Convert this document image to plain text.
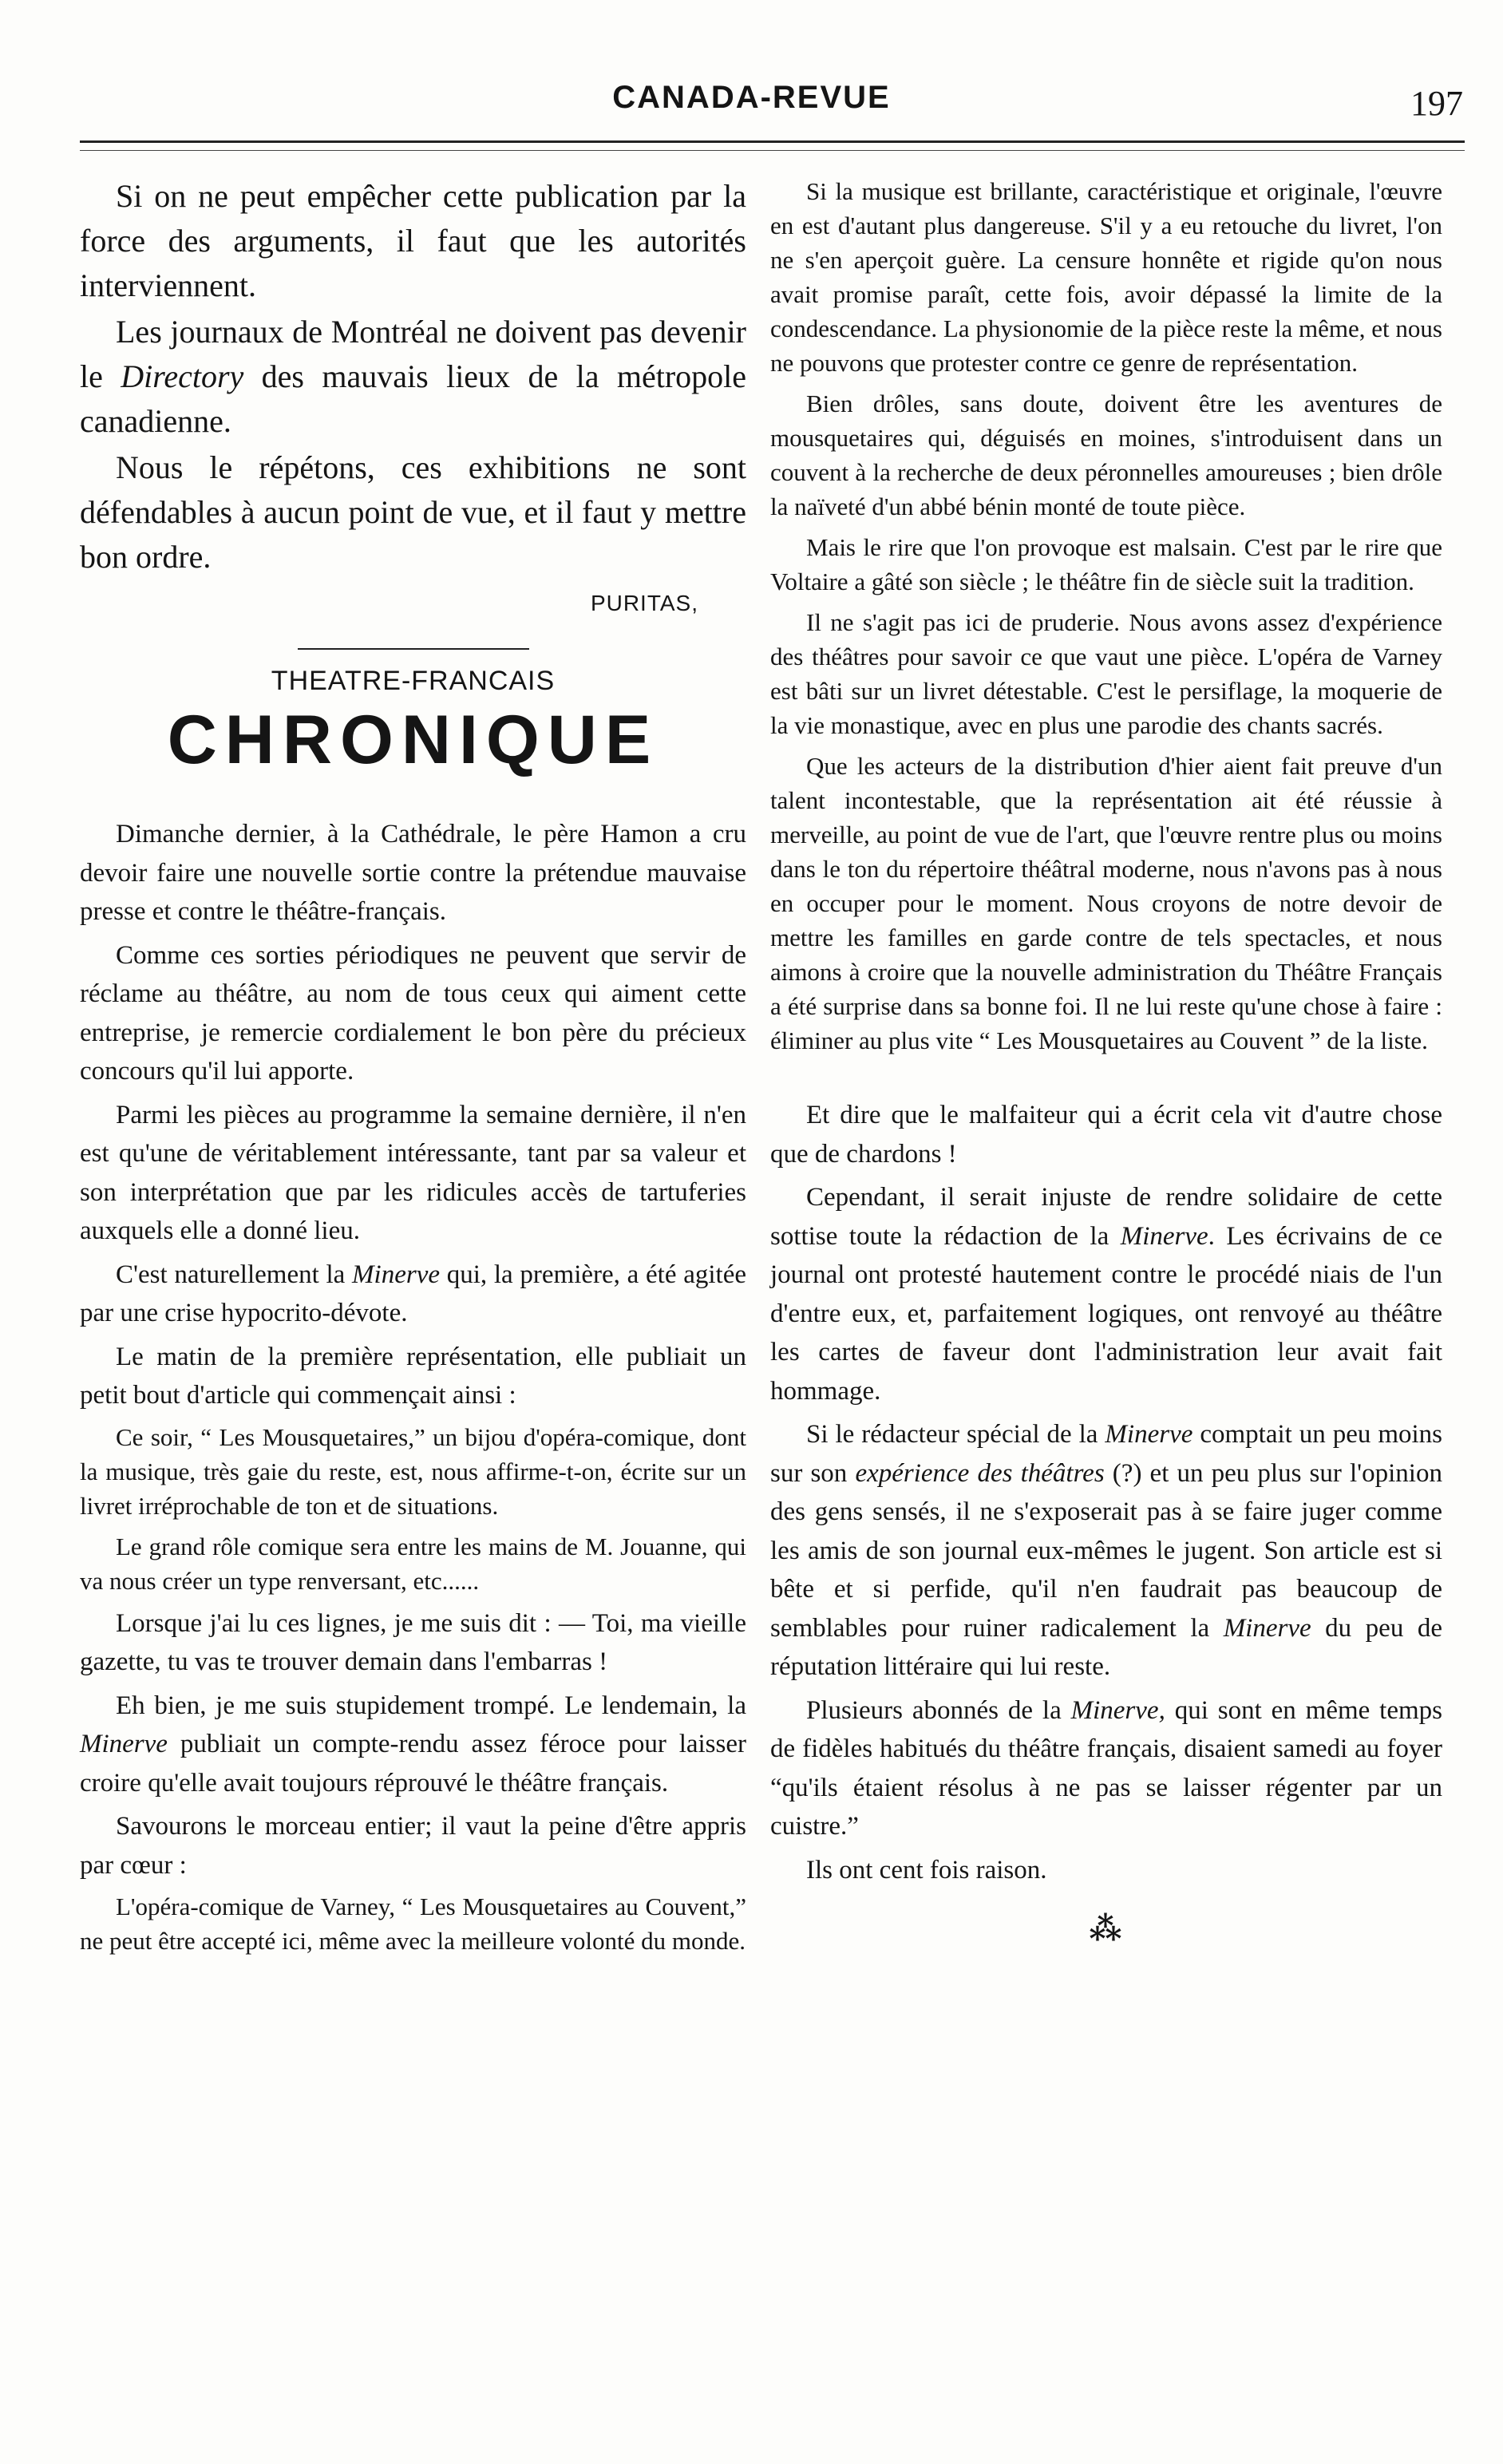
CANADA-REVUE	197

Si on ne peut empêcher cette publication par la force des arguments, il faut que les autorités interviennent.

Les journaux de Montréal ne doivent pas devenir le Directory des mauvais lieux de la métropole canadienne.

Nous le répétons, ces exhibitions ne sont défendables à aucun point de vue, et il faut y mettre bon ordre.

PURITAS,
THEATRE-FRANCAIS
CHRONIQUE

Dimanche dernier, à la Cathédrale, le père Hamon a cru devoir faire une nouvelle sortie contre la prétendue mauvaise presse et contre le théâtre-français.

Comme ces sorties périodiques ne peuvent que servir de réclame au théâtre, au nom de tous ceux qui aiment cette entreprise, je remercie cordialement le bon père du précieux concours qu'il lui apporte.

Parmi les pièces au programme la semaine dernière, il n'en est qu'une de véritablement intéressante, tant par sa valeur et son interprétation que par les ridicules accès de tartuferies auxquels elle a donné lieu.

C'est naturellement la Minerve qui, la première, a été agitée par une crise hypocrito-dévote.

Le matin de la première représentation, elle publiait un petit bout d'article qui commençait ainsi :

Ce soir, “ Les Mousquetaires,” un bijou d'opéra-comique, dont la musique, très gaie du reste, est, nous affirme-t-on, écrite sur un livret irréprochable de ton et de situations.

Le grand rôle comique sera entre les mains de M. Jouanne, qui va nous créer un type renversant, etc......

Lorsque j'ai lu ces lignes, je me suis dit : — Toi, ma vieille gazette, tu vas te trouver demain dans l'embarras !

Eh bien, je me suis stupidement trompé. Le lendemain, la Minerve publiait un compte-rendu assez féroce pour laisser croire qu'elle avait toujours réprouvé le théâtre français.

Savourons le morceau entier; il vaut la peine d'être appris par cœur :

L'opéra-comique de Varney, “ Les Mousquetaires au Couvent,” ne peut être accepté ici, même avec la meilleure volonté du monde.

Si la musique est brillante, caractéristique et originale, l'œuvre en est d'autant plus dangereuse. S'il y a eu retouche du livret, l'on ne s'en aperçoit guère. La censure honnête et rigide qu'on nous avait promise paraît, cette fois, avoir dépassé la limite de la condescendance. La physionomie de la pièce reste la même, et nous ne pouvons que protester contre ce genre de représentation.

Bien drôles, sans doute, doivent être les aventures de mousquetaires qui, déguisés en moines, s'introduisent dans un couvent à la recherche de deux péronnelles amoureuses ; bien drôle la naïveté d'un abbé bénin monté de toute pièce.

Mais le rire que l'on provoque est malsain. C'est par le rire que Voltaire a gâté son siècle ; le théâtre fin de siècle suit la tradition.

Il ne s'agit pas ici de pruderie. Nous avons assez d'expérience des théâtres pour savoir ce que vaut une pièce. L'opéra de Varney est bâti sur un livret détestable. C'est le persiflage, la moquerie de la vie monastique, avec en plus une parodie des chants sacrés.

Que les acteurs de la distribution d'hier aient fait preuve d'un talent incontestable, que la représentation ait été réussie à merveille, au point de vue de l'art, que l'œuvre rentre plus ou moins dans le ton du répertoire théâtral moderne, nous n'avons pas à nous en occuper pour le moment. Nous croyons de notre devoir de mettre les familles en garde contre de tels spectacles, et nous aimons à croire que la nouvelle administration du Théâtre Français a été surprise dans sa bonne foi. Il ne lui reste qu'une chose à faire : éliminer au plus vite “ Les Mousquetaires au Couvent ” de la liste.

Et dire que le malfaiteur qui a écrit cela vit d'autre chose que de chardons !

Cependant, il serait injuste de rendre solidaire de cette sottise toute la rédaction de la Minerve. Les écrivains de ce journal ont protesté hautement contre le procédé niais de l'un d'entre eux, et, parfaitement logiques, ont renvoyé au théâtre les cartes de faveur dont l'administration leur avait fait hommage.

Si le rédacteur spécial de la Minerve comptait un peu moins sur son expérience des théâtres (?) et un peu plus sur l'opinion des gens sensés, il ne s'exposerait pas à se faire juger comme les amis de son journal eux-mêmes le jugent. Son article est si bête et si perfide, qu'il n'en faudrait pas beaucoup de semblables pour ruiner radicalement la Minerve du peu de réputation littéraire qui lui reste.

Plusieurs abonnés de la Minerve, qui sont en même temps de fidèles habitués du théâtre français, disaient samedi au foyer “qu'ils étaient résolus à ne pas se laisser régenter par un cuistre.”

Ils ont cent fois raison.

⁂
